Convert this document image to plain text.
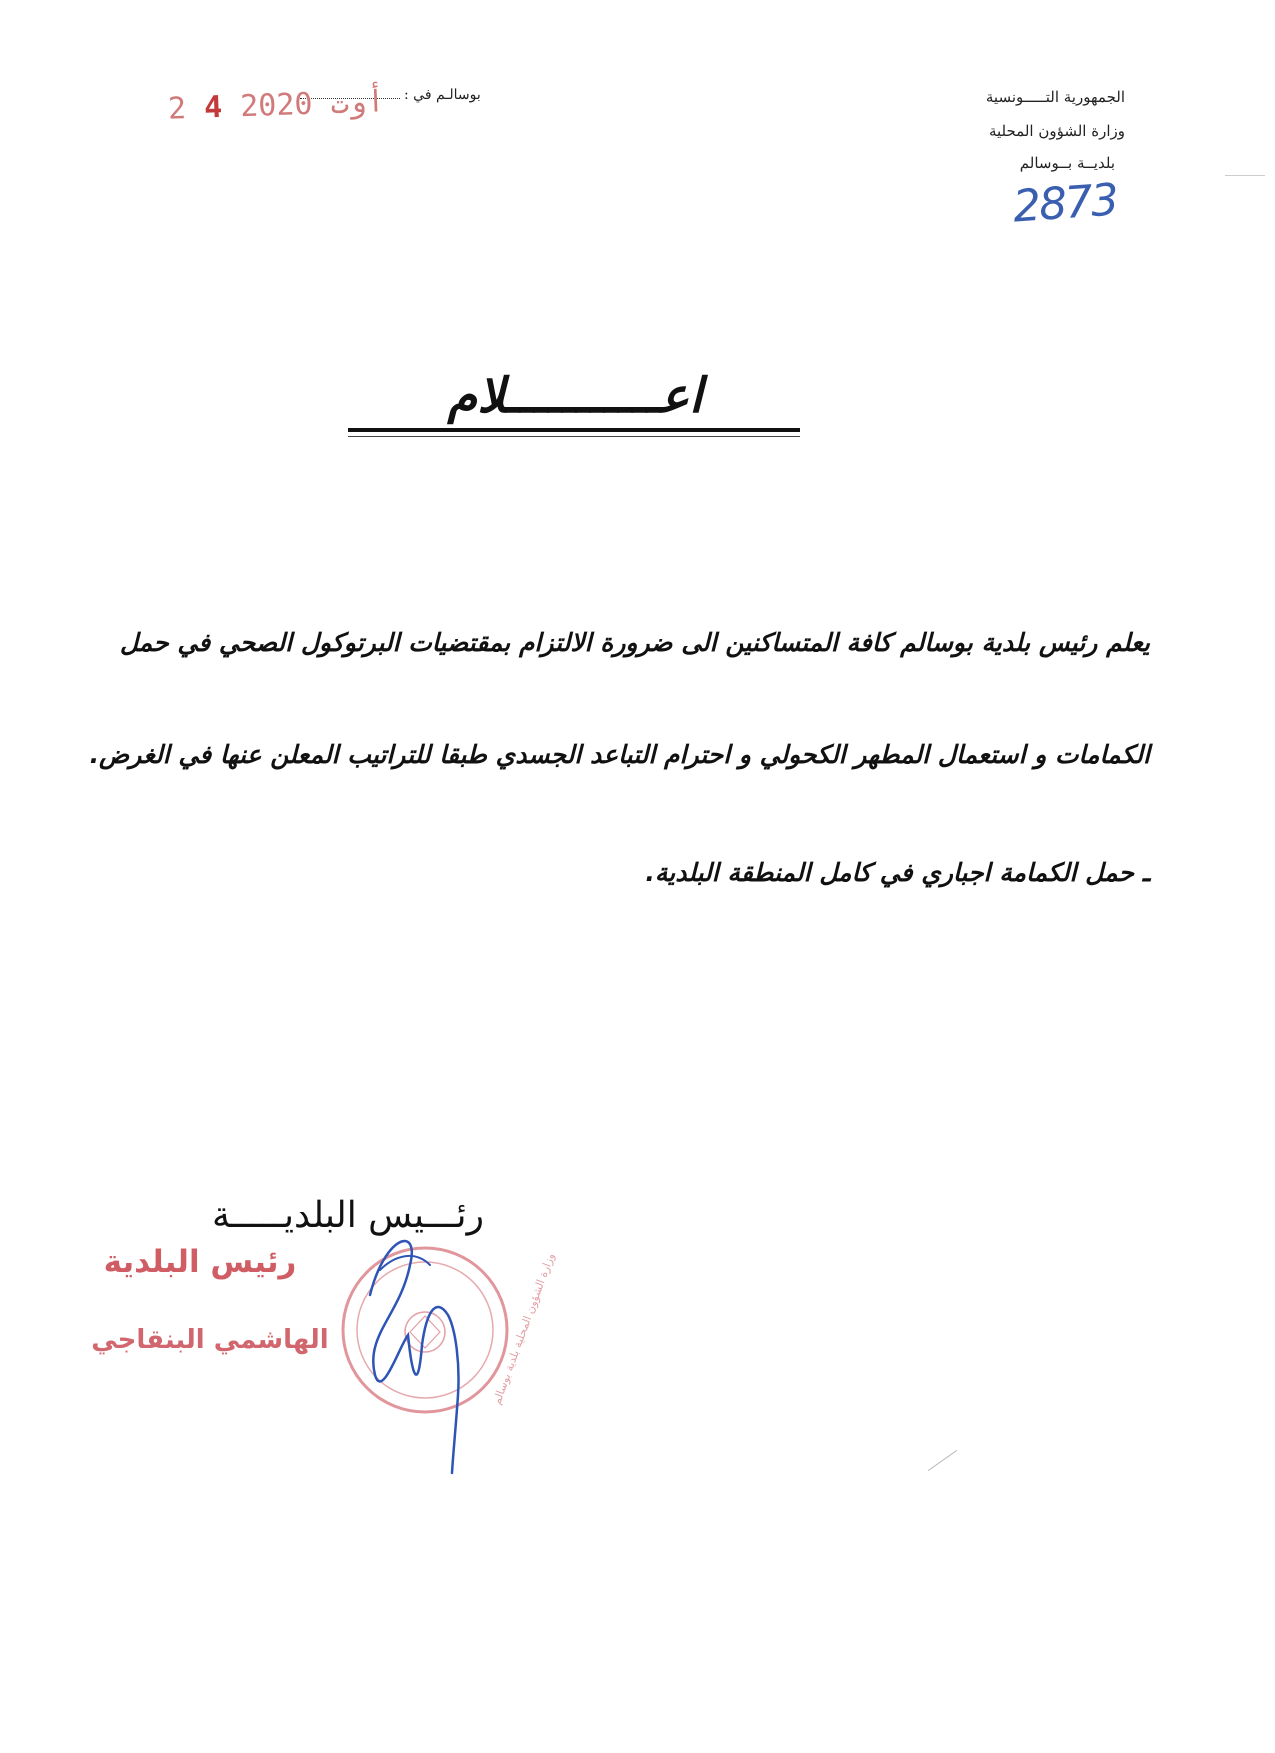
الجمهورية التـــــونسية
وزارة الشؤون المحلية
بلديــة بــوسالم
2873
بوسالـم في :
2 أوت 2020 4
اعـــــــــــلام
يعلم رئيس بلدية بوسالم كافة المتساكنين الى ضرورة الالتزام بمقتضيات البرتوكول الصحي في حمل
الكمامات و استعمال المطهر الكحولي و احترام التباعد الجسدي طبقا للتراتيب المعلن عنها في الغرض.
ـ حمل الكمامة اجباري في كامل المنطقة البلدية.
رئـــيس البلديـــــة
وزارة الشؤون المحلية بلدية بوسالم
رئيس البلدية
الهاشمي البنقاجي
